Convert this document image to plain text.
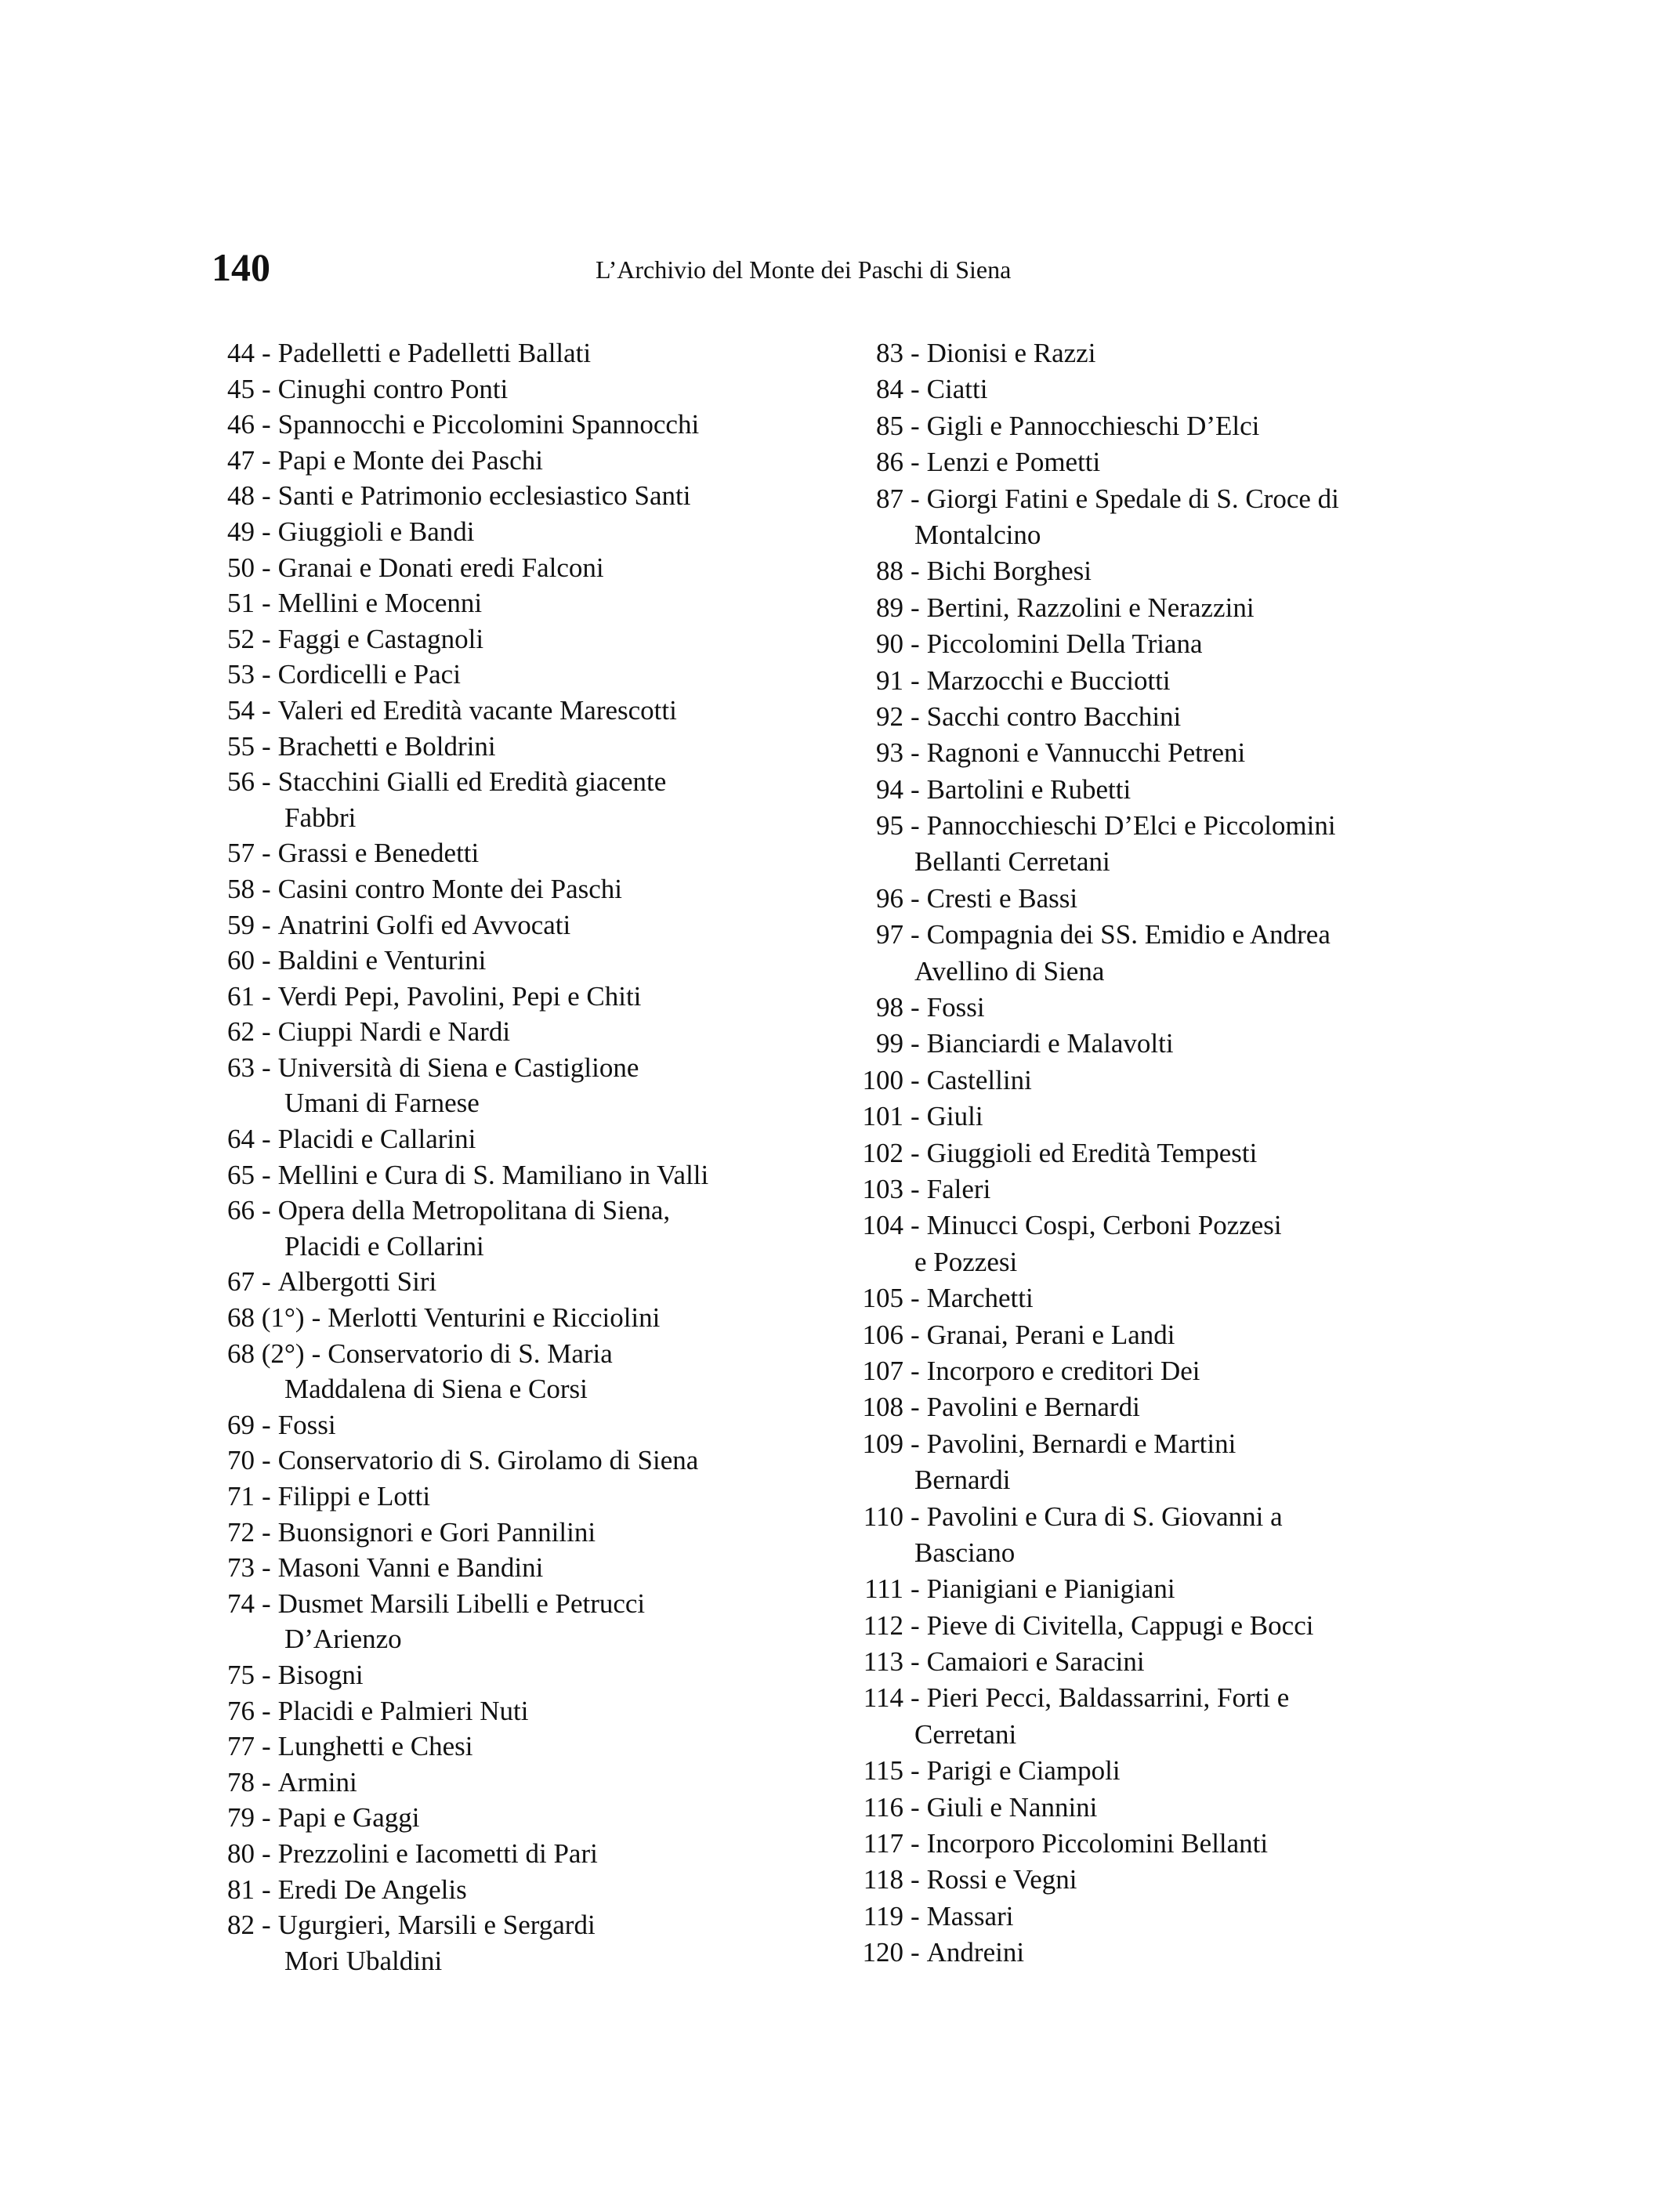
140	L’Archivio del Monte dei Paschi di Siena
44 - Padelletti e Padelletti Ballati
45 - Cinughi contro Ponti
46 - Spannocchi e Piccolomini Spannocchi
47 - Papi e Monte dei Paschi
48 - Santi e Patrimonio ecclesiastico Santi
49 - Giuggioli e Bandi
50 - Granai e Donati eredi Falconi
51 - Mellini e Mocenni
52 - Faggi e Castagnoli
53 - Cordicelli e Paci
54 - Valeri ed Eredità vacante Marescotti
55 - Brachetti e Boldrini
56 - Stacchini Gialli ed Eredità giacente
Fabbri
57 - Grassi e Benedetti
58 - Casini contro Monte dei Paschi
59 - Anatrini Golfi ed Avvocati
60 - Baldini e Venturini
61 - Verdi Pepi, Pavolini, Pepi e Chiti
62 - Ciuppi Nardi e Nardi
63 - Università di Siena e Castiglione
Umani di Farnese
64 - Placidi e Callarini
65 - Mellini e Cura di S. Mamiliano in Valli
66 - Opera della Metropolitana di Siena,
Placidi e Collarini
67 - Albergotti Siri
68 (1°) - Merlotti Venturini e Ricciolini
68 (2°) - Conservatorio di S. Maria
Maddalena di Siena e Corsi
69 - Fossi
70 - Conservatorio di S. Girolamo di Siena
71 - Filippi e Lotti
72 - Buonsignori e Gori Pannilini
73 - Masoni Vanni e Bandini
74 - Dusmet Marsili Libelli e Petrucci
D’Arienzo
75 - Bisogni
76 - Placidi e Palmieri Nuti
77 - Lunghetti e Chesi
78 - Armini
79 - Papi e Gaggi
80 - Prezzolini e Iacometti di Pari
81 - Eredi De Angelis
82 - Ugurgieri, Marsili e Sergardi
Mori Ubaldini
83 - Dionisi e Razzi
84 - Ciatti
85 - Gigli e Pannocchieschi D’Elci
86 - Lenzi e Pometti
87 - Giorgi Fatini e Spedale di S. Croce di
Montalcino
88 - Bichi Borghesi
89 - Bertini, Razzolini e Nerazzini
90 - Piccolomini Della Triana
91 - Marzocchi e Bucciotti
92 - Sacchi contro Bacchini
93 - Ragnoni e Vannucchi Petreni
94 - Bartolini e Rubetti
95 - Pannocchieschi D’Elci e Piccolomini
Bellanti Cerretani
96 - Cresti e Bassi
97 - Compagnia dei SS. Emidio e Andrea
Avellino di Siena
98 - Fossi
99 - Bianciardi e Malavolti
100 - Castellini
101 - Giuli
102 - Giuggioli ed Eredità Tempesti
103 - Faleri
104 - Minucci Cospi, Cerboni Pozzesi
e Pozzesi
105 - Marchetti
106 - Granai, Perani e Landi
107 - Incorporo e creditori Dei
108 - Pavolini e Bernardi
109 - Pavolini, Bernardi e Martini
Bernardi
110 - Pavolini e Cura di S. Giovanni a
Basciano
111 - Pianigiani e Pianigiani
112 - Pieve di Civitella, Cappugi e Bocci
113 - Camaiori e Saracini
114 - Pieri Pecci, Baldassarrini, Forti e
Cerretani
115 - Parigi e Ciampoli
116 - Giuli e Nannini
117 - Incorporo Piccolomini Bellanti
118 - Rossi e Vegni
119 - Massari
120 - Andreini
